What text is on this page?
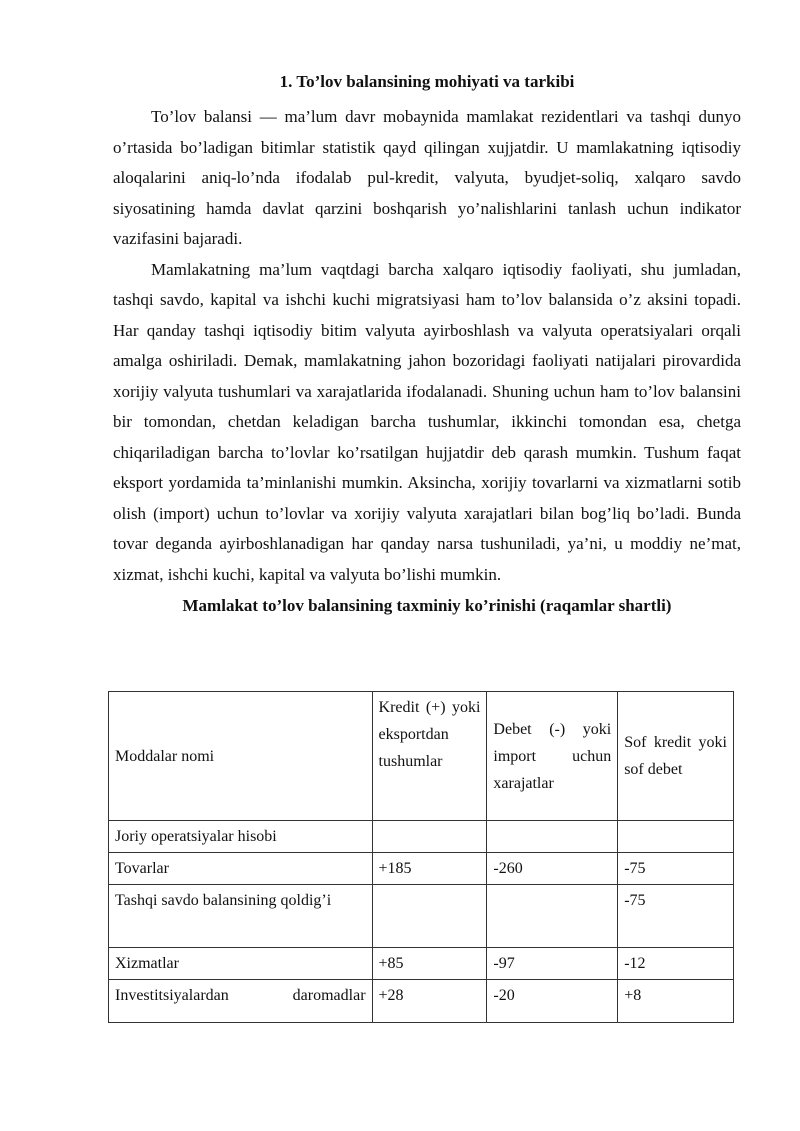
1. To’lov balansining mohiyati va tarkibi

To’lov balansi — ma’lum davr mobaynida mamlakat rezidentlari va tashqi dunyo o’rtasida bo’ladigan bitimlar statistik qayd qilingan xujjatdir. U mamlakatning iqtisodiy aloqalarini aniq-lo’nda ifodalab pul-kredit, valyuta, byudjet-soliq, xalqaro savdo siyosatining hamda davlat qarzini boshqarish yo’nalishlarini tanlash uchun indikator vazifasini bajaradi.

Mamlakatning ma’lum vaqtdagi barcha xalqaro iqtisodiy faoliyati, shu jumladan, tashqi savdo, kapital va ishchi kuchi migratsiyasi ham to’lov balansida o’z aksini topadi. Har qanday tashqi iqtisodiy bitim valyuta ayirboshlash va valyuta operatsiyalari orqali amalga oshiriladi. Demak, mamlakatning jahon bozoridagi faoliyati natijalari pirovardida xorijiy valyuta tushumlari va xarajatlarida ifodalanadi. Shuning uchun ham to’lov balansini bir tomondan, chetdan keladigan barcha tushumlar, ikkinchi tomondan esa, chetga chiqariladigan barcha to’lovlar ko’rsatilgan hujjatdir deb qarash mumkin. Tushum faqat eksport yordamida ta’minlanishi mumkin. Aksincha, xorijiy tovarlarni va xizmatlarni sotib olish (import) uchun to’lovlar va xorijiy valyuta xarajatlari bilan bog’liq bo’ladi. Bunda tovar deganda ayirboshlanadigan har qanday narsa tushuniladi, ya’ni, u moddiy ne’mat, xizmat, ishchi kuchi, kapital va valyuta bo’lishi mumkin.

Mamlakat to’lov balansining taxminiy ko’rinishi (raqamlar shartli)
Moddalar nomi	Kredit (+) yoki eksportdan tushumlar	Debet (-) yoki import uchun xarajatlar	Sof kredit yoki sof debet
Joriy operatsiyalar hisobi			
Tovarlar	+185	-260	-75
Tashqi savdo balansining qoldig’i			-75
Xizmatlar	+85	-97	-12
Investitsiyalardan daromadlar	+28	-20	+8
